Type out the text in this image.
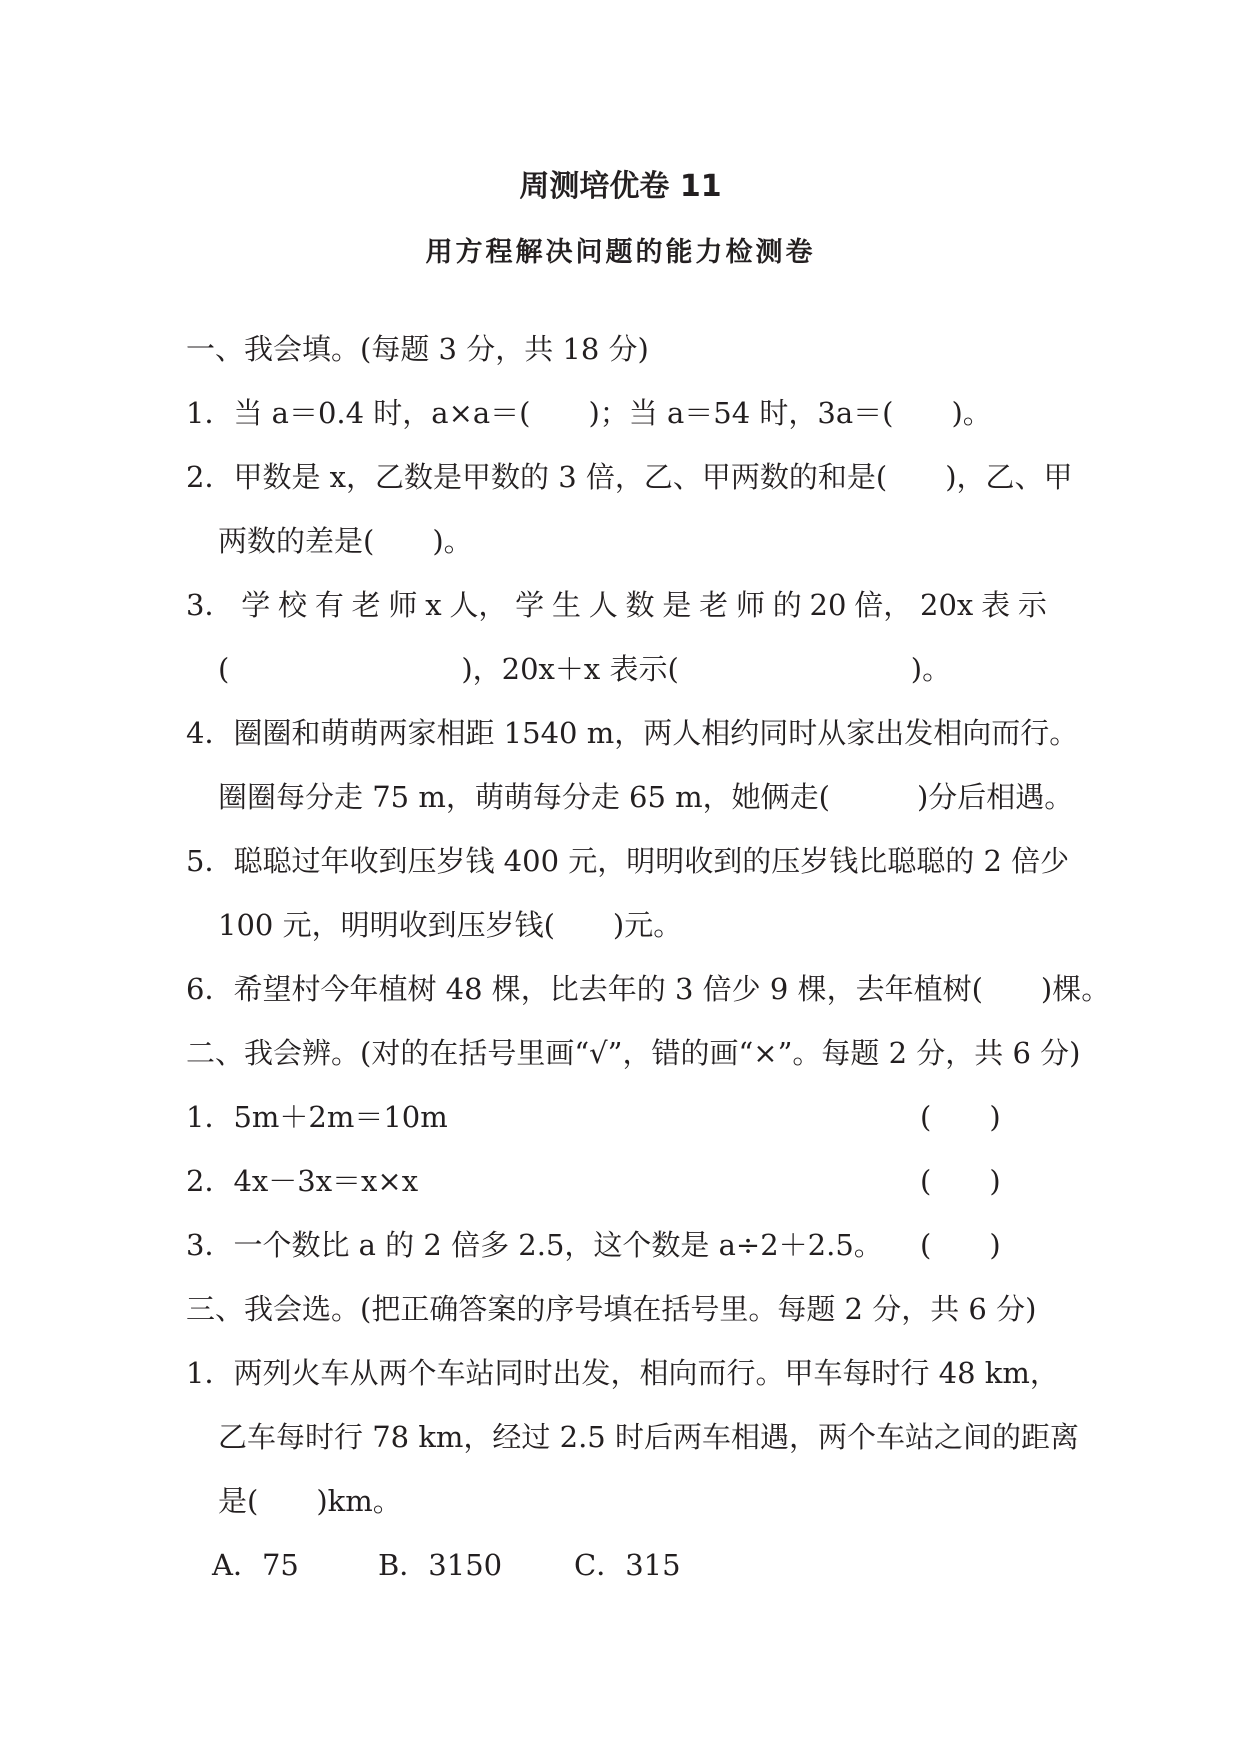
周测培优卷 11
用方程解决问题的能力检测卷
一、我会填。(每题 3 分，共 18 分)
1．当 a＝0.4 时，a×a＝(　　)；当 a＝54 时，3a＝(　　)。
2．甲数是 x，乙数是甲数的 3 倍，乙、甲两数的和是(　　)，乙、甲
两数的差是(　　)。
3． 学 校 有 老 师 x 人， 学 生 人 数 是 老 师 的 20 倍， 20x 表 示
(　　　　　　　　)，20x＋x 表示(　　　　　　　　)。
4．圈圈和萌萌两家相距 1540 m，两人相约同时从家出发相向而行。
圈圈每分走 75 m，萌萌每分走 65 m，她俩走(　　　)分后相遇。
5．聪聪过年收到压岁钱 400 元，明明收到的压岁钱比聪聪的 2 倍少
100 元，明明收到压岁钱(　　)元。
6．希望村今年植树 48 棵，比去年的 3 倍少 9 棵，去年植树(　　)棵。
二、我会辨。(对的在括号里画“√”，错的画“×”。每题 2 分，共 6 分)
1．5m＋2m＝10m	(　　)
2．4x－3x＝x×x	(　　)
3．一个数比 a 的 2 倍多 2.5，这个数是 a÷2＋2.5。 (　　)
三、我会选。(把正确答案的序号填在括号里。每题 2 分，共 6 分)
1．两列火车从两个车站同时出发，相向而行。甲车每时行 48 km，
乙车每时行 78 km，经过 2.5 时后两车相遇，两个车站之间的距离
是(　　)km。
A．75	B．3150 C．315
